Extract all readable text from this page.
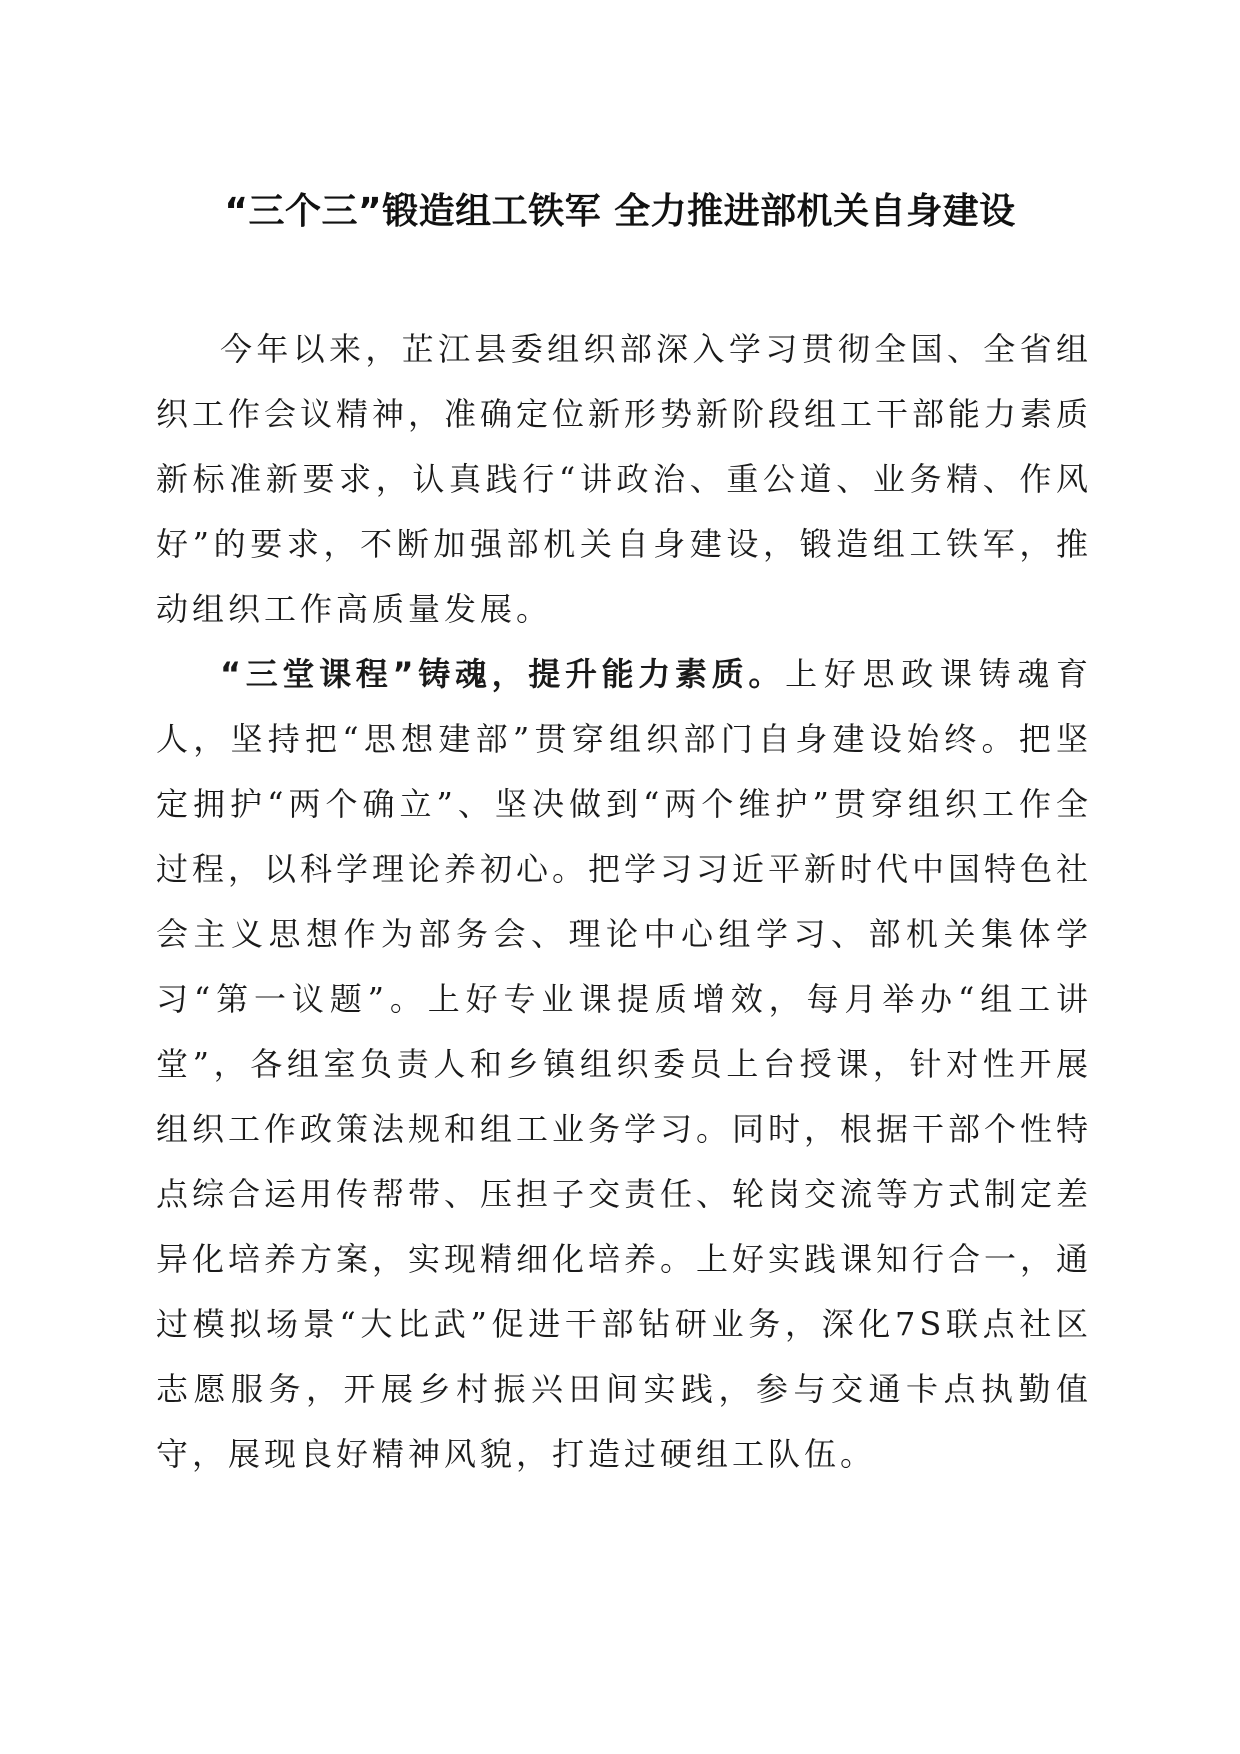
“三个三”锻造组工铁军 全力推进部机关自身建设

今年以来，芷江县委组织部深入学习贯彻全国、全省组织工作会议精神，准确定位新形势新阶段组工干部能力素质新标准新要求，认真践行“讲政治、重公道、业务精、作风好”的要求，不断加强部机关自身建设，锻造组工铁军，推动组织工作高质量发展。

“三堂课程”铸魂，提升能力素质。上好思政课铸魂育人，坚持把“思想建部”贯穿组织部门自身建设始终。把坚定拥护“两个确立”、坚决做到“两个维护”贯穿组织工作全过程，以科学理论养初心。把学习习近平新时代中国特色社会主义思想作为部务会、理论中心组学习、部机关集体学习“第一议题”。上好专业课提质增效，每月举办“组工讲堂”，各组室负责人和乡镇组织委员上台授课，针对性开展组织工作政策法规和组工业务学习。同时，根据干部个性特点综合运用传帮带、压担子交责任、轮岗交流等方式制定差异化培养方案，实现精细化培养。上好实践课知行合一，通过模拟场景“大比武”促进干部钻研业务，深化7S联点社区志愿服务，开展乡村振兴田间实践，参与交通卡点执勤值守，展现良好精神风貌，打造过硬组工队伍。
